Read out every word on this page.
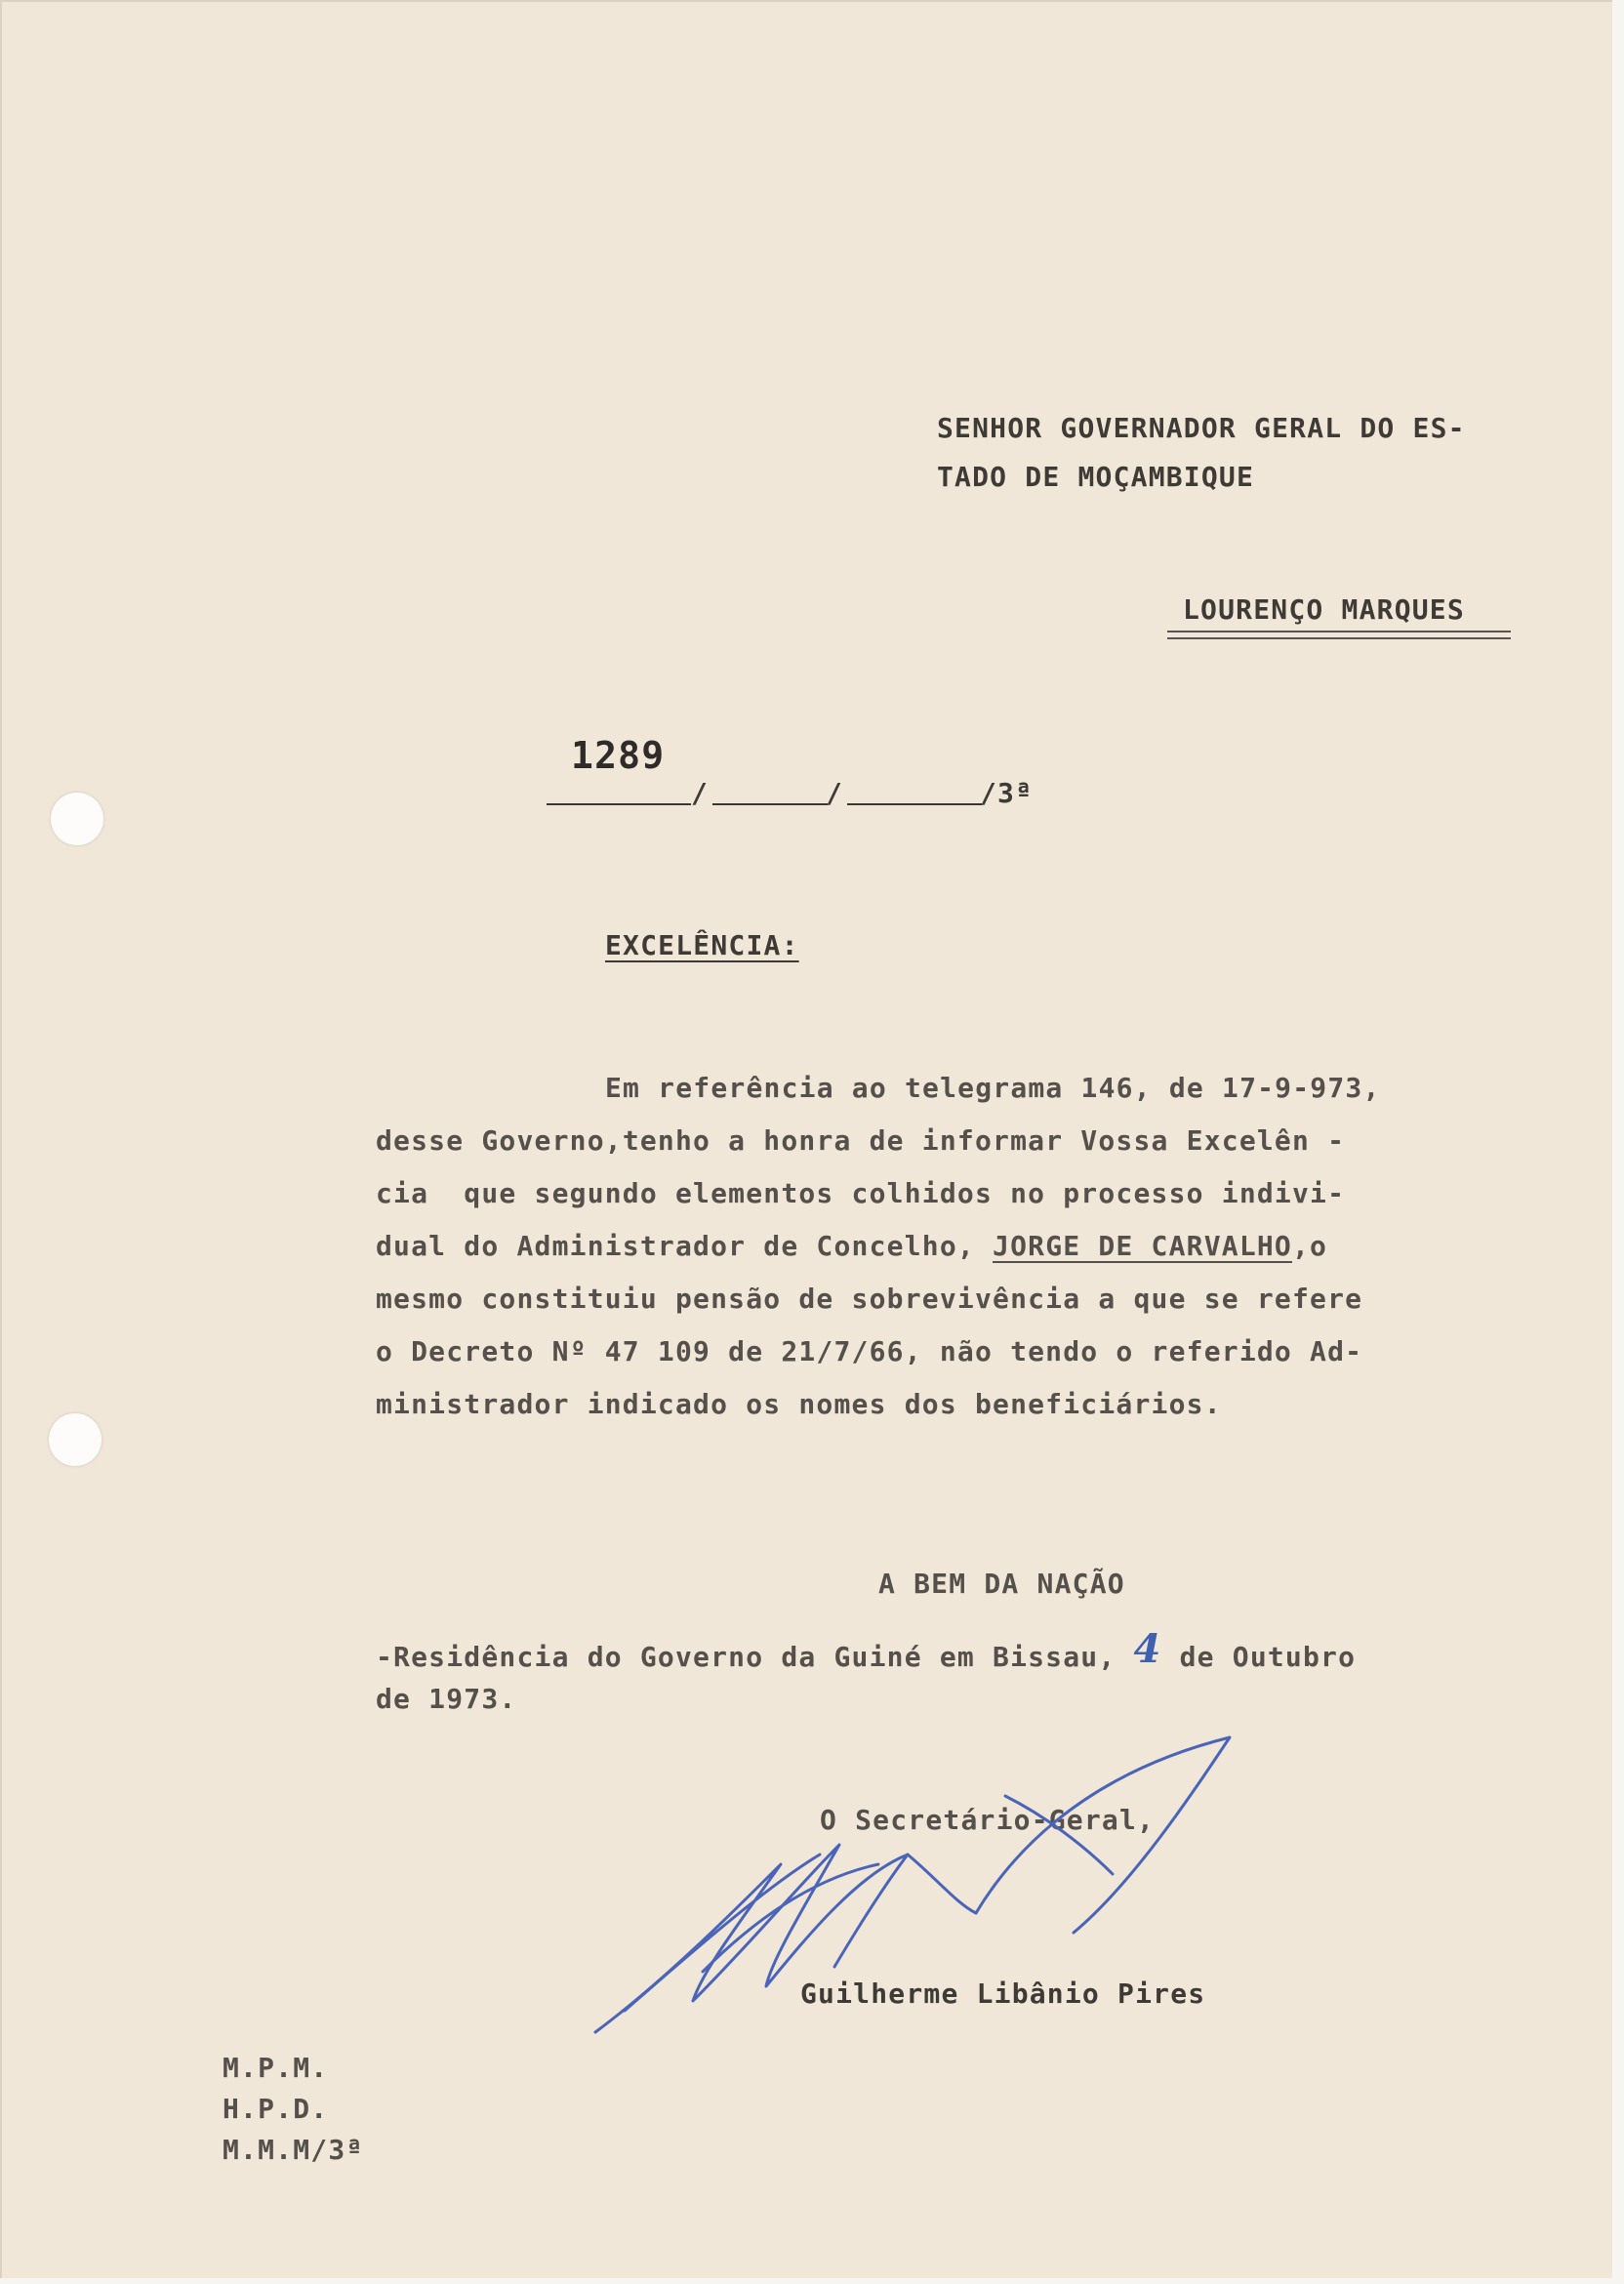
SENHOR GOVERNADOR GERAL DO ES-
TADO DE MOÇAMBIQUE
LOURENÇO MARQUES
1289
/	/	/3ª
EXCELÊNCIA:
Em referência ao telegrama 146, de 17-9-973,
desse Governo,tenho a honra de informar Vossa Excelên -
cia  que segundo elementos colhidos no processo indivi-
dual do Administrador de Concelho, JORGE DE CARVALHO,o
mesmo constituiu pensão de sobrevivência a que se refere
o Decreto Nº 47 109 de 21/7/66, não tendo o referido Ad-
ministrador indicado os nomes dos beneficiários.
A BEM DA NAÇÃO
-Residência do Governo da Guiné em Bissau, 4 de Outubro
de 1973.
O Secretário-Geral,
Guilherme Libânio Pires
M.P.M.
H.P.D.
M.M.M/3ª
